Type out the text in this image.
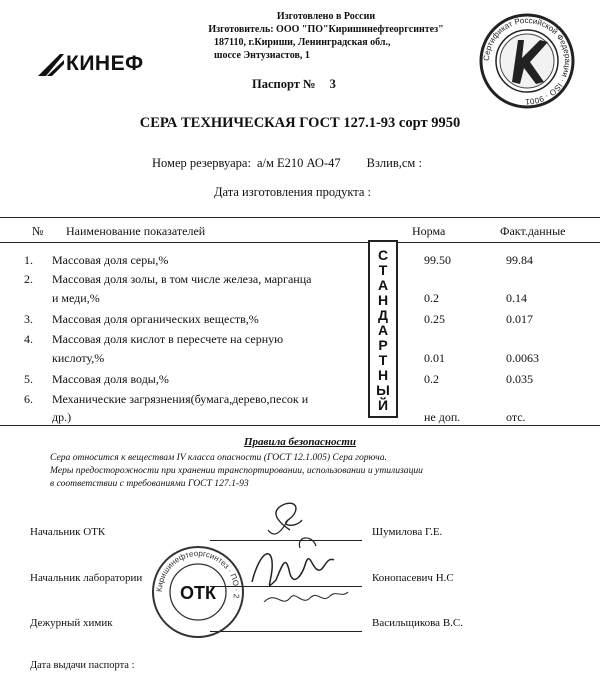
КИНЕФ
Изготовлено в России
Изготовитель: ООО "ПО"Киришинефтеоргсинтез"
187110, г.Кириши, Ленинградская обл.,
шоссе Энтузиастов, 1	Сертификат Российской Федерации · ISO · 9001
Паспорт № 3
СЕРА ТЕХНИЧЕСКАЯ ГОСТ 127.1-93 сорт 9950
Номер резервуара: а/м Е210 АО-47 Взлив,см :
Дата изготовления продукта :
№ Наименование показателей	Норма	Факт.данные
1.	Массовая доля серы,%	99.50	99.84
2.	Массовая доля золы, в том числе железа, марганца
и меди,%	0.2	0.14
3.	Массовая доля органических веществ,%	0.25	0.017
4.	Массовая доля кислот в пересчете на серную
кислоту,%	0.01	0.0063
5.	Массовая доля воды,%	0.2	0.035
6.	Механические загрязнения(бумага,дерево,песок и
др.)	не доп.	отс.
СТАНДАРТНЫЙ
Правила безопасности
Сера относится к веществам IV класса опасности (ГОСТ 12.1.005) Сера горюча.
Меры предосторожности при хранении транспортировании, использовании и утилизации
в соответствии с требованиями ГОСТ 127.1-93
Начальник ОТК	Шумилова Г.Е.
Начальник лаборатории	Конопасевич Н.С
Дежурный химик	Васильщикова В.С.
Киришинефтеоргсинтез · ПО · 2
ОТК
Дата выдачи паспорта :
